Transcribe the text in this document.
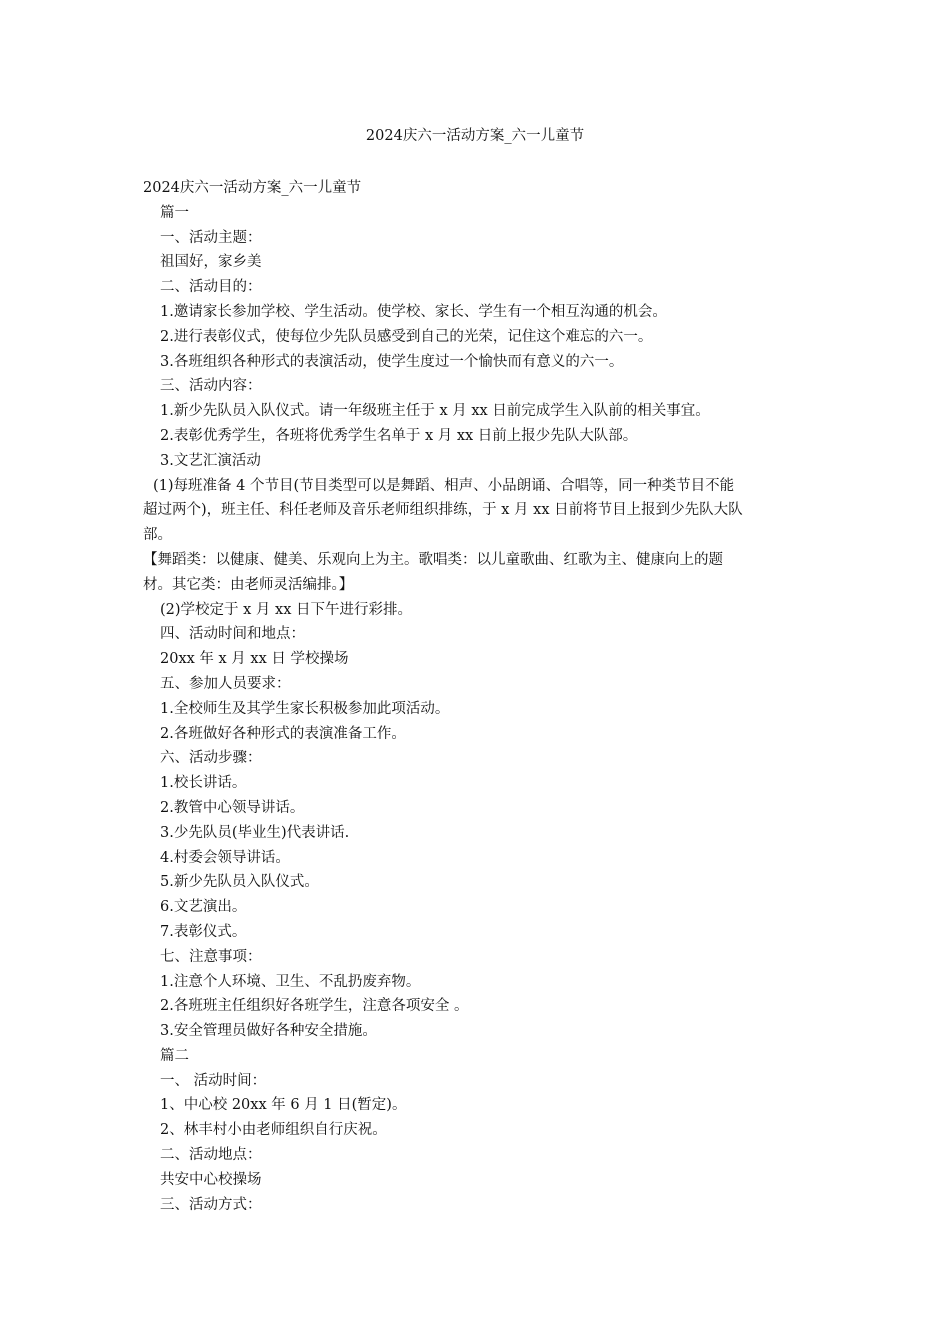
2024庆六一活动方案_六一儿童节
2024庆六一活动方案_六一儿童节
篇一
一、活动主题：
祖国好，家乡美
二、活动目的：
1.邀请家长参加学校、学生活动。使学校、家长、学生有一个相互沟通的机会。
2.进行表彰仪式，使每位少先队员感受到自己的光荣，记住这个难忘的六一。
3.各班组织各种形式的表演活动，使学生度过一个愉快而有意义的六一。
三、活动内容：
1.新少先队员入队仪式。请一年级班主任于 x 月 xx 日前完成学生入队前的相关事宜。
2.表彰优秀学生，各班将优秀学生名单于 x 月 xx 日前上报少先队大队部。
3.文艺汇演活动
(1)每班准备 4 个节目(节目类型可以是舞蹈、相声、小品朗诵、合唱等，同一种类节目不能
超过两个)，班主任、科任老师及音乐老师组织排练，于 x 月 xx 日前将节目上报到少先队大队
部。
【舞蹈类：以健康、健美、乐观向上为主。歌唱类：以儿童歌曲、红歌为主、健康向上的题
材。其它类：由老师灵活编排。】
(2)学校定于 x 月 xx 日下午进行彩排。
四、活动时间和地点：
20xx 年 x 月 xx 日 学校操场
五、参加人员要求：
1.全校师生及其学生家长积极参加此项活动。
2.各班做好各种形式的表演准备工作。
六、活动步骤：
1.校长讲话。
2.教管中心领导讲话。
3.少先队员(毕业生)代表讲话.
4.村委会领导讲话。
5.新少先队员入队仪式。
6.文艺演出。
7.表彰仪式。
七、注意事项：
1.注意个人环境、卫生、不乱扔废弃物。
2.各班班主任组织好各班学生，注意各项安全 。
3.安全管理员做好各种安全措施。
篇二
一、 活动时间：
1、中心校 20xx 年 6 月 1 日(暂定)。
2、林丰村小由老师组织自行庆祝。
二、活动地点：
共安中心校操场
三、活动方式：
